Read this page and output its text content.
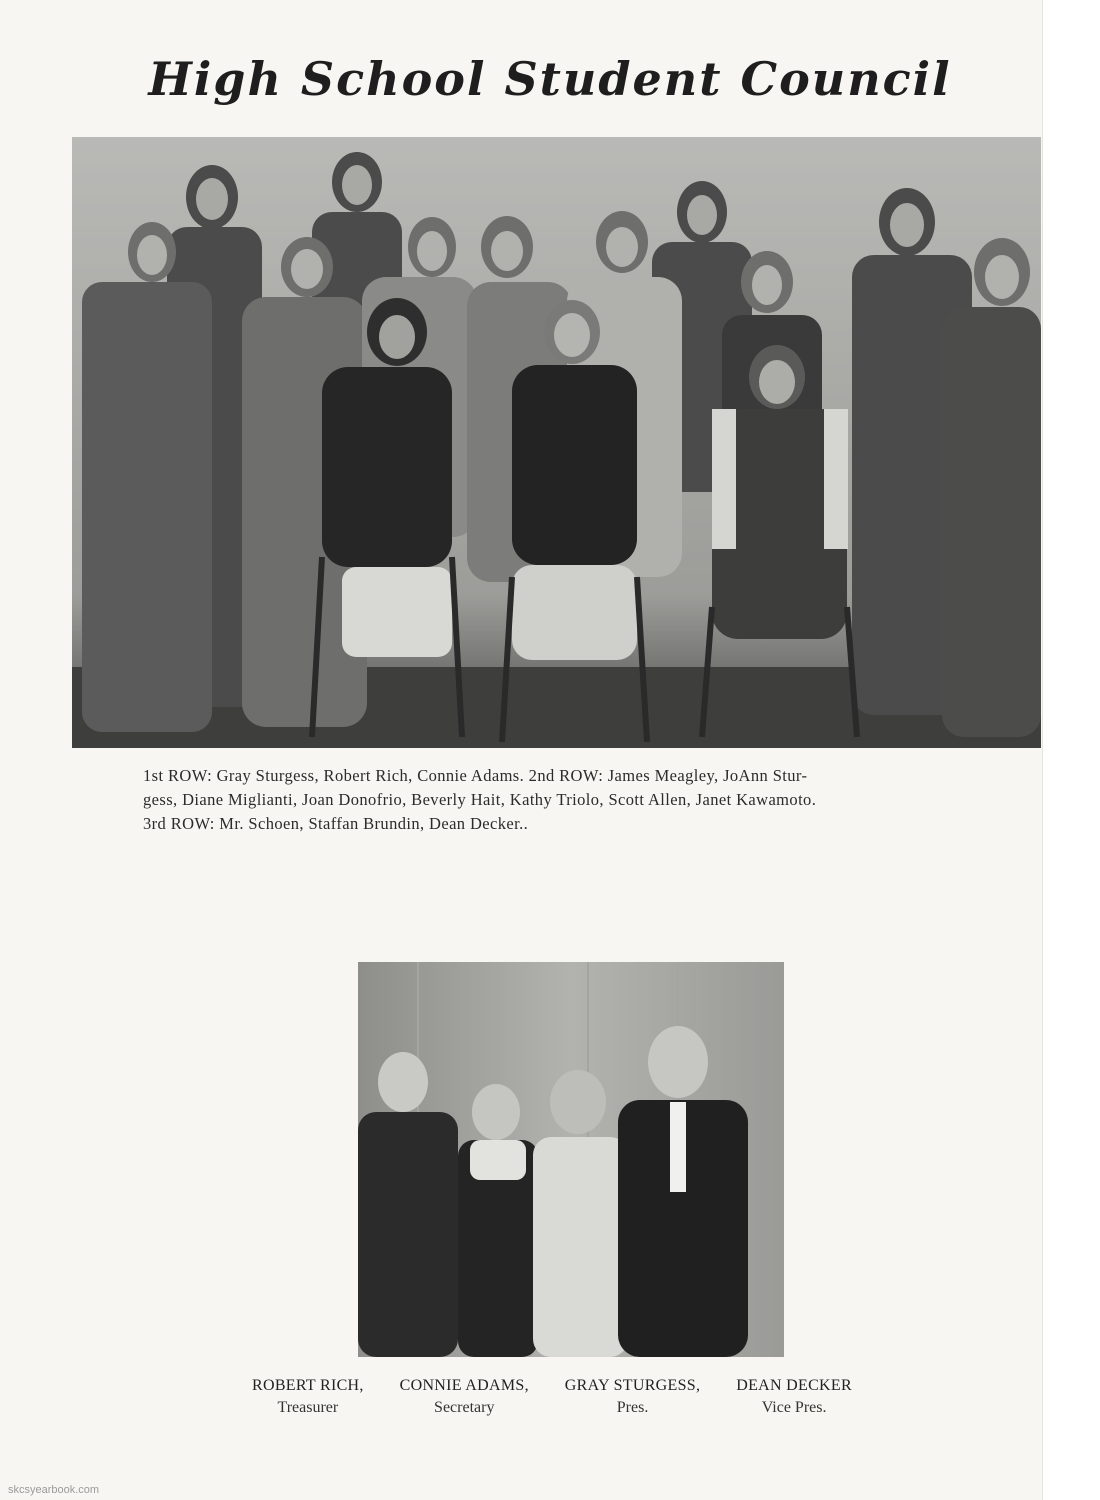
High School Student Council

1st ROW: Gray Sturgess, Robert Rich, Connie Adams. 2nd ROW: James Meagley, JoAnn Stur-

gess, Diane Miglianti, Joan Donofrio, Beverly Hait, Kathy Triolo, Scott Allen, Janet Kawamoto.

3rd ROW: Mr. Schoen, Staffan Brundin, Dean Decker..

ROBERT RICH,
Treasurer
CONNIE ADAMS,
Secretary
GRAY STURGESS,
Pres.
DEAN DECKER
Vice Pres.
skcsyearbook.com
